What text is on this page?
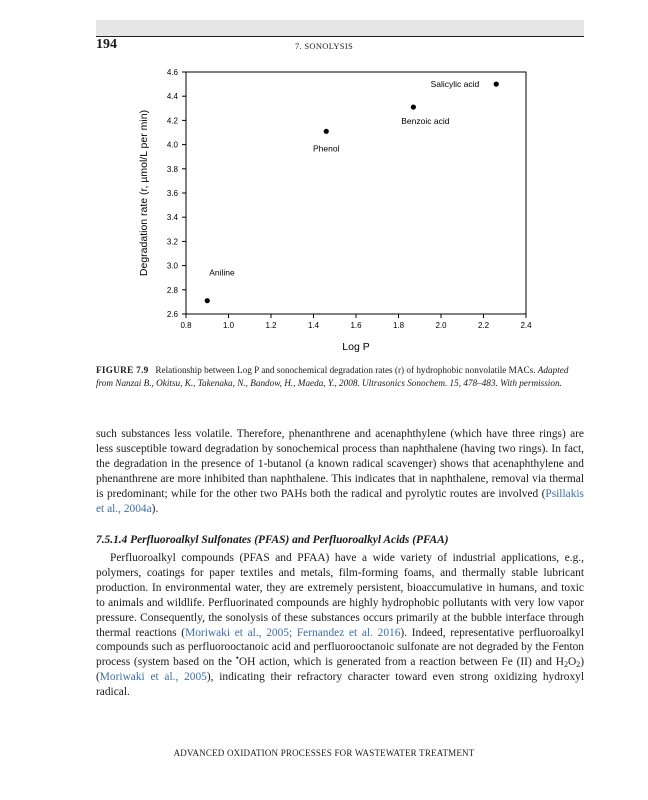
194	7. SONOLYSIS
0.8	1.0	1.2	1.4	1.6	1.8	2.0	2.2	2.4
2.6
2.8
3.0
3.2
3.4
3.6
3.8
4.0
4.2
4.4
4.6
Log P
Degradation rate (r, µmol/L per min)	Aniline
Phenol
Benzoic acid
Salicylic acid
FIGURE 7.9 Relationship between Log P and sonochemical degradation rates (r) of hydrophobic nonvolatile MACs. Adapted from Nanzai B., Okitsu, K., Takenaka, N., Bandow, H., Maeda, Y., 2008. Ultrasonics Sonochem. 15, 478–483. With permission.

such substances less volatile. Therefore, phenanthrene and acenaphthylene (which have three rings) are less susceptible toward degradation by sonochemical process than naphthalene (having two rings). In fact, the degradation in the presence of 1-butanol (a known radical scavenger) shows that acenaphthylene and phenanthrene are more inhibited than naphthalene. This indicates that in naphthalene, removal via thermal is predominant; while for the other two PAHs both the radical and pyrolytic routes are involved (Psillakis et al., 2004a).

7.5.1.4 Perfluoroalkyl Sulfonates (PFAS) and Perfluoroalkyl Acids (PFAA)

Perfluoroalkyl compounds (PFAS and PFAA) have a wide variety of industrial applications, e.g., polymers, coatings for paper textiles and metals, film-forming foams, and thermally stable lubricant production. In environmental water, they are extremely persistent, bioaccumulative in humans, and toxic to animals and wildlife. Perfluorinated compounds are highly hydrophobic pollutants with very low vapor pressure. Consequently, the sonolysis of these substances occurs primarily at the bubble interface through thermal reactions (Moriwaki et al., 2005; Fernandez et al. 2016). Indeed, representative perfluoroalkyl compounds such as perfluorooctanoic acid and perfluorooctanoic sulfonate are not degraded by the Fenton process (system based on the •OH action, which is generated from a reaction between Fe (II) and $H_2O_2$) (Moriwaki et al., 2005), indicating their refractory character toward even strong oxidizing hydroxyl radical.

ADVANCED OXIDATION PROCESSES FOR WASTEWATER TREATMENT
